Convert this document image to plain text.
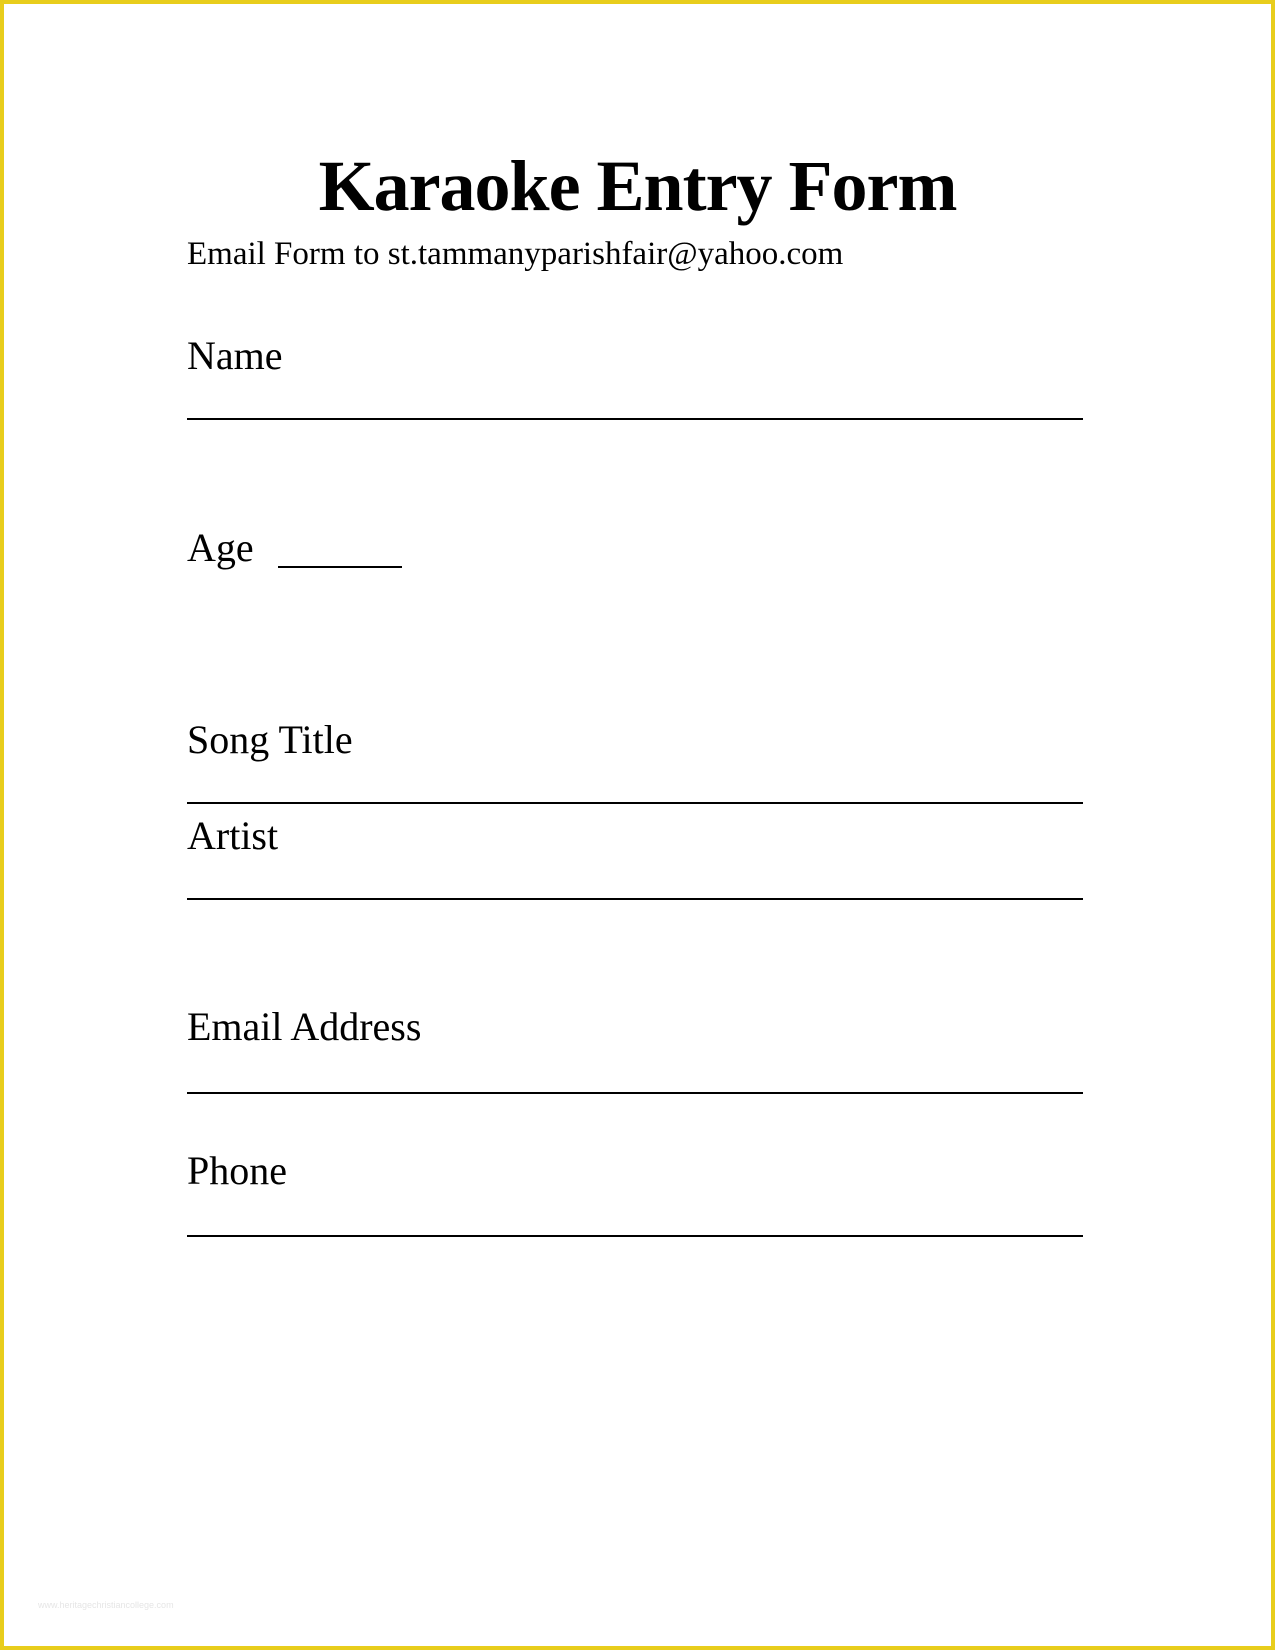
Karaoke Entry Form
Email Form to st.tammanyparishfair@yahoo.com
Name
Age
Song Title
Artist
Email Address
Phone
www.heritagechristiancollege.com
